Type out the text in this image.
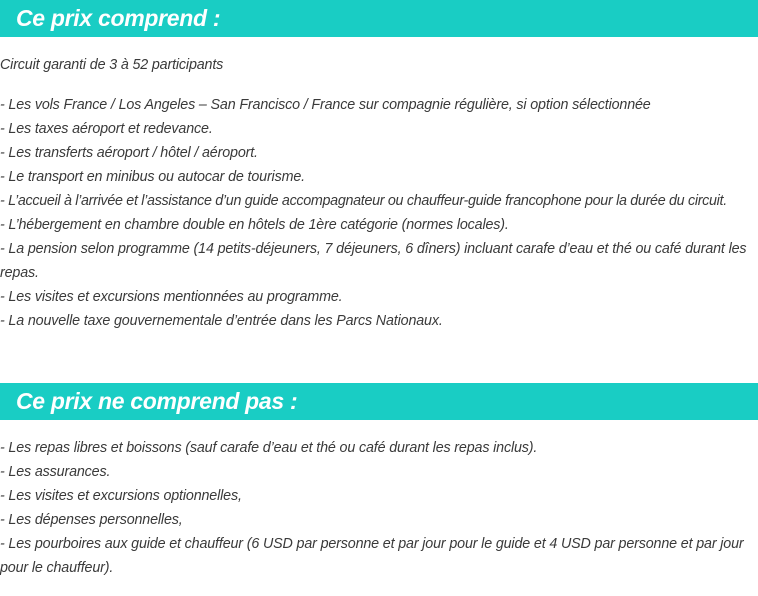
Ce prix comprend :
Circuit garanti de 3 à 52 participants
- Les vols France / Los Angeles – San Francisco / France sur compagnie régulière, si option sélectionnée
- Les taxes aéroport et redevance.
- Les transferts aéroport / hôtel / aéroport.
- Le transport en minibus ou autocar de tourisme.
- L’accueil à l’arrivée et l’assistance d’un guide accompagnateur ou chauffeur-guide francophone pour la durée du circuit.
- L’hébergement en chambre double en hôtels de 1ère catégorie (normes locales).
- La pension selon programme (14 petits-déjeuners, 7 déjeuners, 6 dîners) incluant carafe d’eau et thé ou café durant les repas.
- Les visites et excursions mentionnées au programme.
- La nouvelle taxe gouvernementale d’entrée dans les Parcs Nationaux.
Ce prix ne comprend pas :
- Les repas libres et boissons (sauf carafe d’eau et thé ou café durant les repas inclus).
- Les assurances.
- Les visites et excursions optionnelles,
- Les dépenses personnelles,
- Les pourboires aux guide et chauffeur (6 USD par personne et par jour pour le guide et 4 USD par personne et par jour pour le chauffeur).
